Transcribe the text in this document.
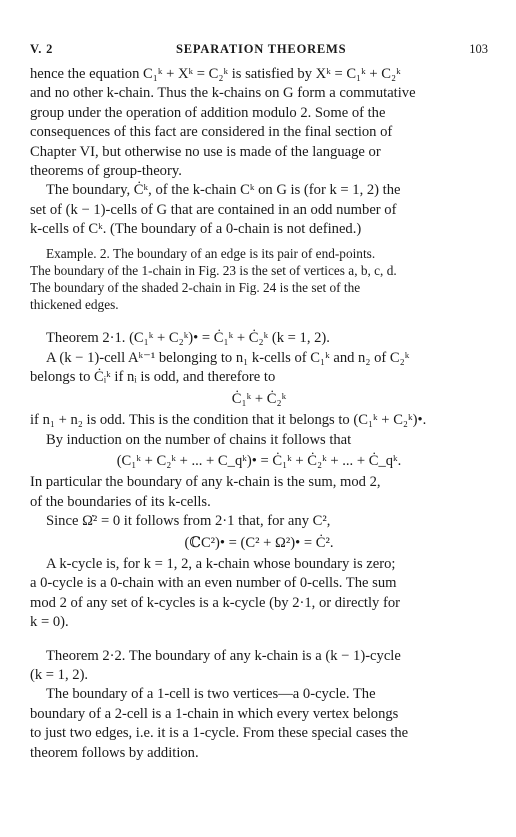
V. 2	SEPARATION THEOREMS	103

hence the equation C₁ᵏ + Xᵏ = C₂ᵏ is satisfied by Xᵏ = C₁ᵏ + C₂ᵏ

and no other k-chain. Thus the k-chains on G form a commutative

group under the operation of addition modulo 2. Some of the

consequences of this fact are considered in the final section of

Chapter VI, but otherwise no use is made of the language or

theorems of group-theory.

The boundary, Ċᵏ, of the k-chain Cᵏ on G is (for k = 1, 2) the

set of (k − 1)-cells of G that are contained in an odd number of

k-cells of Cᵏ. (The boundary of a 0-chain is not defined.)

Example. 2. The boundary of an edge is its pair of end-points.

The boundary of the 1-chain in Fig. 23 is the set of vertices a, b, c, d.

The boundary of the shaded 2-chain in Fig. 24 is the set of the

thickened edges.

Theorem 2·1. (C₁ᵏ + C₂ᵏ)• = Ċ₁ᵏ + Ċ₂ᵏ (k = 1, 2).

A (k − 1)-cell Aᵏ⁻¹ belonging to n₁ k-cells of C₁ᵏ and n₂ of C₂ᵏ

belongs to Ċᵢᵏ if nᵢ is odd, and therefore to

Ċ₁ᵏ + Ċ₂ᵏ

if n₁ + n₂ is odd. This is the condition that it belongs to (C₁ᵏ + C₂ᵏ)•.

By induction on the number of chains it follows that

(C₁ᵏ + C₂ᵏ + ... + C_qᵏ)• = Ċ₁ᵏ + Ċ₂ᵏ + ... + Ċ_qᵏ.

In particular the boundary of any k-chain is the sum, mod 2,

of the boundaries of its k-cells.

Since Ω̇² = 0 it follows from 2·1 that, for any C²,

(ℂC²)• = (C² + Ω²)• = Ċ².

A k-cycle is, for k = 1, 2, a k-chain whose boundary is zero;

a 0-cycle is a 0-chain with an even number of 0-cells. The sum

mod 2 of any set of k-cycles is a k-cycle (by 2·1, or directly for

k = 0).

Theorem 2·2. The boundary of any k-chain is a (k − 1)-cycle

(k = 1, 2).

The boundary of a 1-cell is two vertices—a 0-cycle. The

boundary of a 2-cell is a 1-chain in which every vertex belongs

to just two edges, i.e. it is a 1-cycle. From these special cases the

theorem follows by addition.
